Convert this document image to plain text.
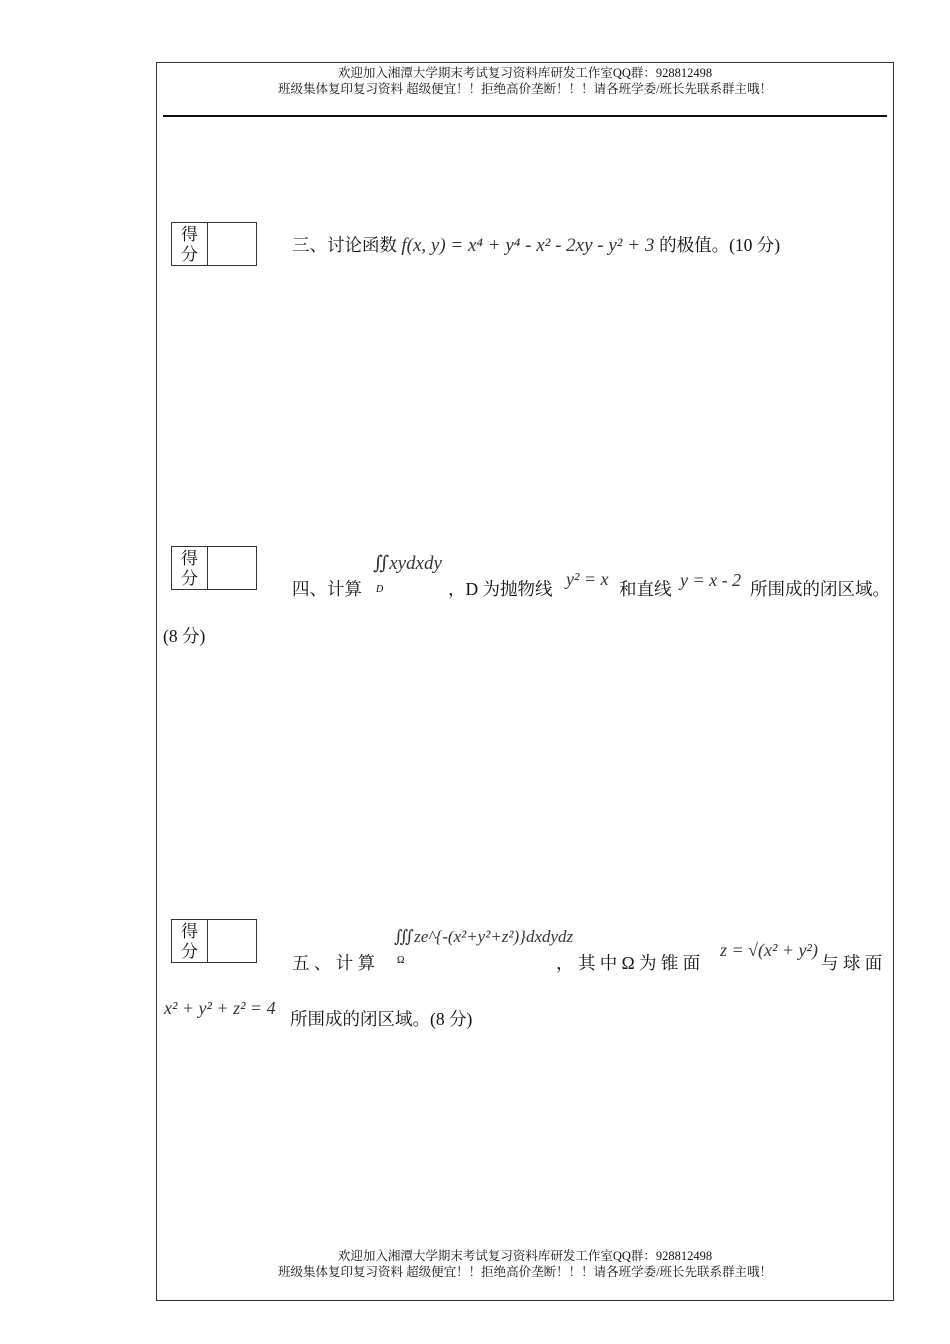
欢迎加入湘潭大学期末考试复习资料库研发工作室QQ群：928812498
班级集体复印复习资料 超级便宜！！拒绝高价垄断！！！请各班学委/班长先联系群主哦！
得
分	三、讨论函数 f(x, y) = x⁴ + y⁴ - x² - 2xy - y² + 3 的极值。(10 分)
得
分
四、计算
∬xydxdy
D	，D 为抛物线 y² = x 和直线 y = x - 2 所围成的闭区域。
(8 分)
得
分
五 、 计 算
∭ze^{-(x²+y²+z²)}dxdydz
Ω	， 其 中 Ω 为 锥 面
z = √(x² + y²)
与 球 面
x² + y² + z² = 4
所围成的闭区域。(8 分)
欢迎加入湘潭大学期末考试复习资料库研发工作室QQ群：928812498
班级集体复印复习资料 超级便宜！！拒绝高价垄断！！！请各班学委/班长先联系群主哦！
